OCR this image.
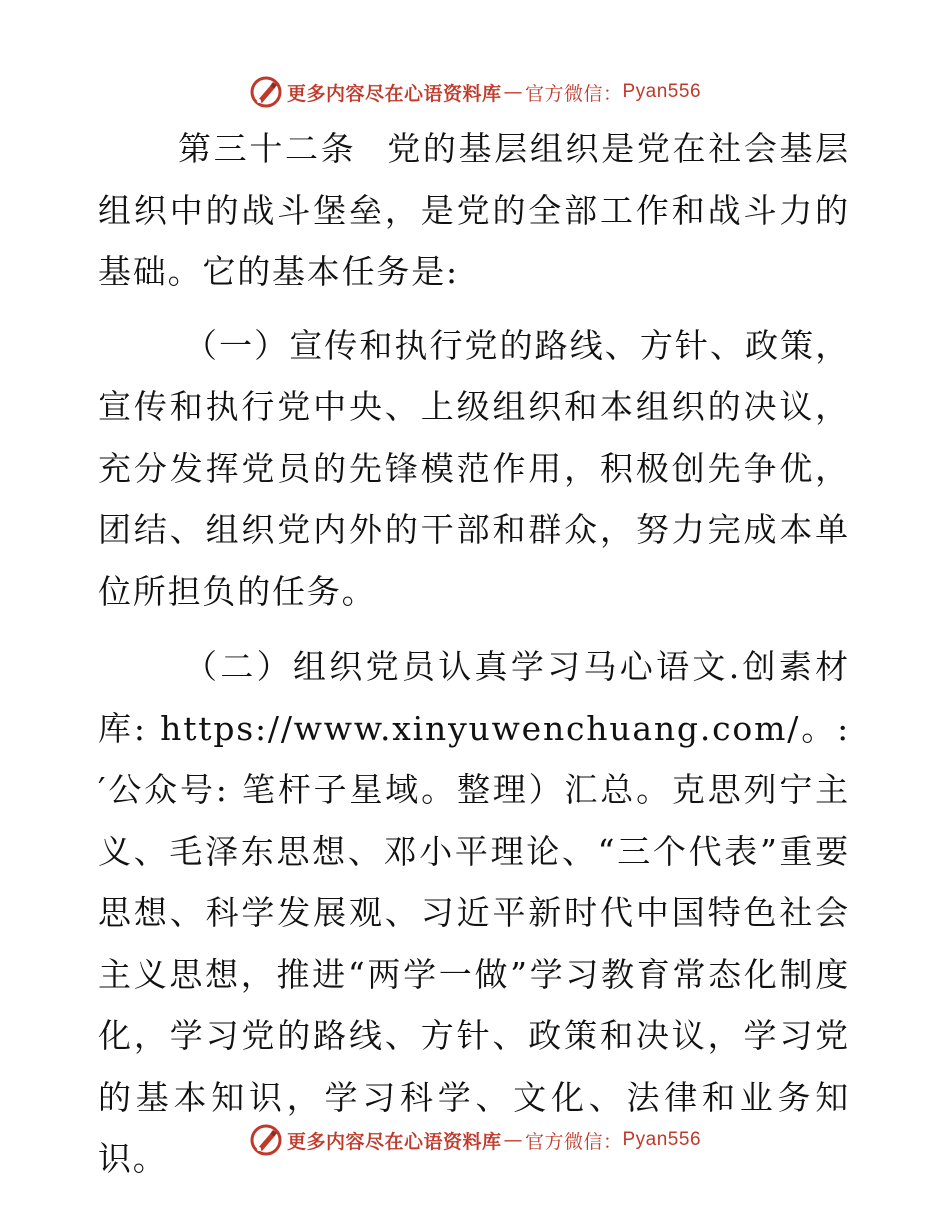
更多内容尽在心语资料库 — 官方微信： Pyan556

第三十二条 党的基层组织是党在社会基层组织中的战斗堡垒，是党的全部工作和战斗力的基础。它的基本任务是:

（一）宣传和执行党的路线、方针、政策，宣传和执行党中央、上级组织和本组织的决议，充分发挥党员的先锋模范作用，积极创先争优，团结、组织党内外的干部和群众，努力完成本单位所担负的任务。

（二）组织党员认真学习马心语文.创素材库: https://www.xinyuwenchuang.com/。:′公众号: 笔杆子星域。整理）汇总。克思列宁主义、毛泽东思想、邓小平理论、“三个代表”重要思想、科学发展观、习近平新时代中国特色社会主义思想，推进“两学一做”学习教育常态化制度化，学习党的路线、方针、政策和决议，学习党的基本知识，学习科学、文化、法律和业务知识。	更多内容尽在心语资料库 — 官方微信： Pyan556
